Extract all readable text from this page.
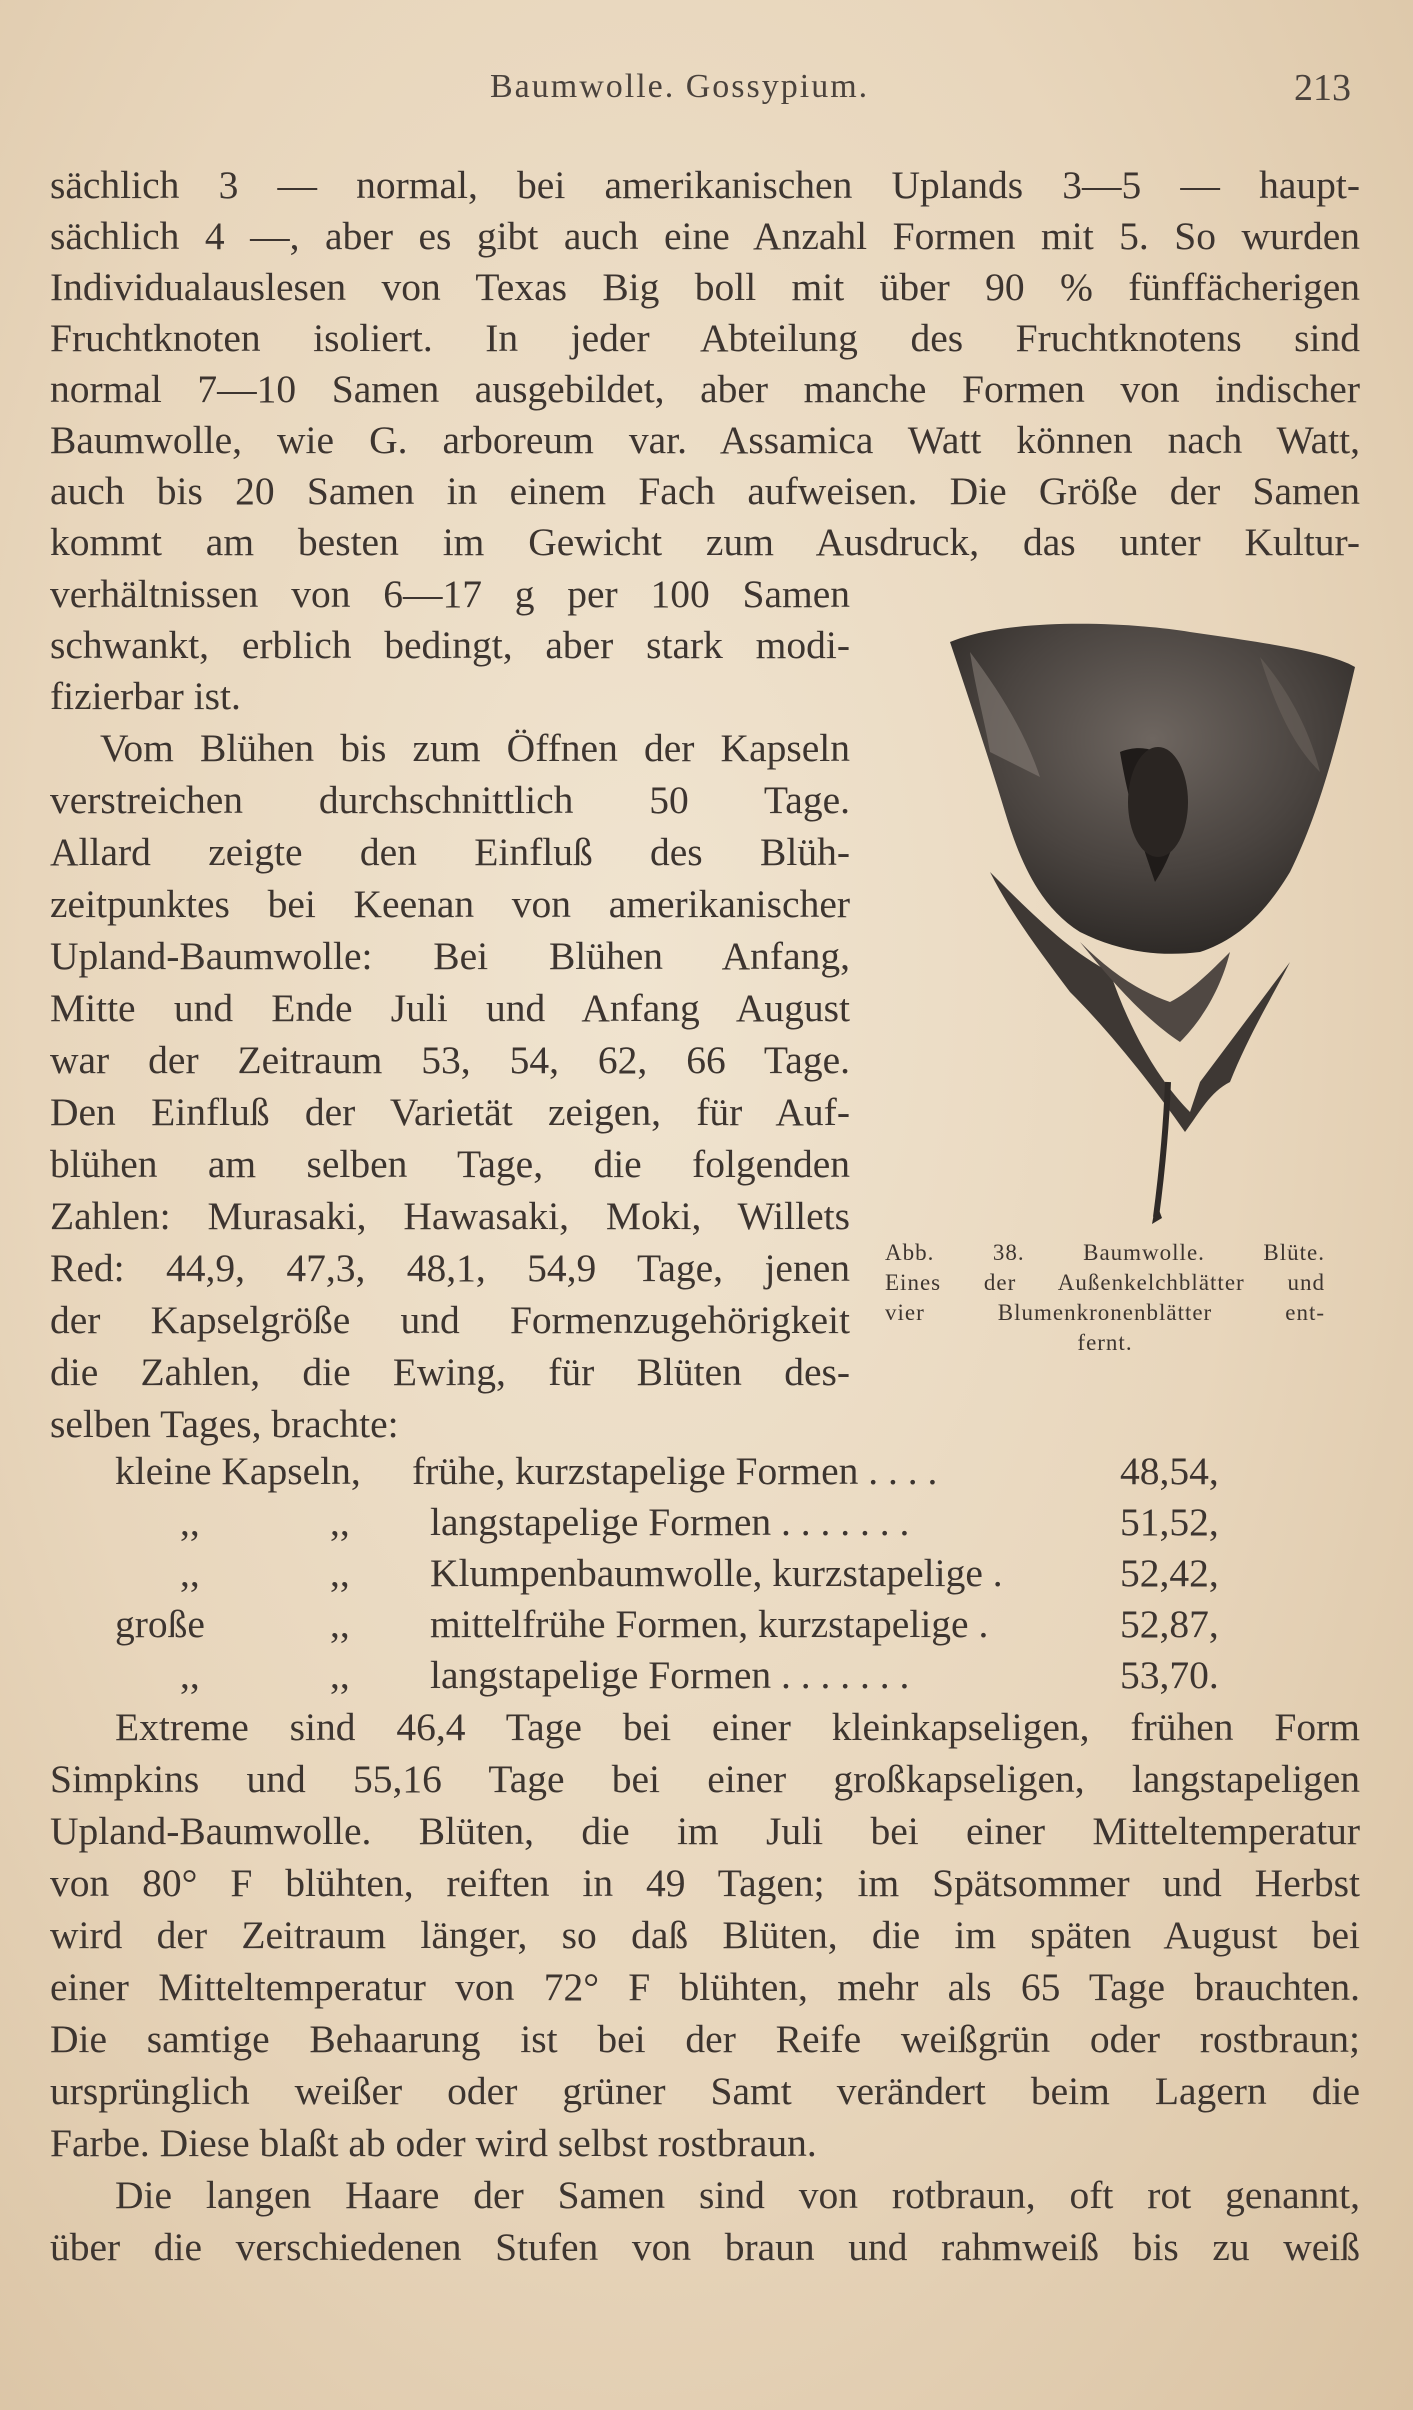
Baumwolle. Gossypium.	213
sächlich 3 — normal, bei amerikanischen Uplands 3—5 — haupt-
sächlich 4 —, aber es gibt auch eine Anzahl Formen mit 5. So wurden
Individualauslesen von Texas Big boll mit über 90 % fünffächerigen
Fruchtknoten isoliert. In jeder Abteilung des Fruchtknotens sind
normal 7—10 Samen ausgebildet, aber manche Formen von indischer
Baumwolle, wie G. arboreum var. Assamica Watt können nach Watt,
auch bis 20 Samen in einem Fach aufweisen. Die Größe der Samen
kommt am besten im Gewicht zum Ausdruck, das unter Kultur-
verhältnissen von 6—17 g per 100 Samen
schwankt, erblich bedingt, aber stark modi-
fizierbar ist.
Vom Blühen bis zum Öffnen der Kapseln
verstreichen durchschnittlich 50 Tage.
Allard zeigte den Einfluß des Blüh-
zeitpunktes bei Keenan von amerikanischer
Upland-Baumwolle: Bei Blühen Anfang,
Mitte und Ende Juli und Anfang August
war der Zeitraum 53, 54, 62, 66 Tage.
Den Einfluß der Varietät zeigen, für Auf-
blühen am selben Tage, die folgenden
Zahlen: Murasaki, Hawasaki, Moki, Willets
Red: 44,9, 47,3, 48,1, 54,9 Tage, jenen
der Kapselgröße und Formenzugehörigkeit
die Zahlen, die Ewing, für Blüten des-
selben Tages, brachte:
Abb. 38. Baumwolle. Blüte.
Eines der Außenkelchblätter und
vier Blumenkronenblätter ent-
fernt.
kleine Kapseln, frühe, kurzstapelige Formen . . . .	48,54,
,,	,, langstapelige Formen . . . . . . .	51,52,
,,	,, Klumpenbaumwolle, kurzstapelige .	52,42,
große	,, mittelfrühe Formen, kurzstapelige .	52,87,
,,	,, langstapelige Formen . . . . . . .	53,70.
Extreme sind 46,4 Tage bei einer kleinkapseligen, frühen Form
Simpkins und 55,16 Tage bei einer großkapseligen, langstapeligen
Upland-Baumwolle. Blüten, die im Juli bei einer Mitteltemperatur
von 80° F blühten, reiften in 49 Tagen; im Spätsommer und Herbst
wird der Zeitraum länger, so daß Blüten, die im späten August bei
einer Mitteltemperatur von 72° F blühten, mehr als 65 Tage brauchten.
Die samtige Behaarung ist bei der Reife weißgrün oder rostbraun;
ursprünglich weißer oder grüner Samt verändert beim Lagern die
Farbe. Diese blaßt ab oder wird selbst rostbraun.
Die langen Haare der Samen sind von rotbraun, oft rot genannt,
über die verschiedenen Stufen von braun und rahmweiß bis zu weiß
